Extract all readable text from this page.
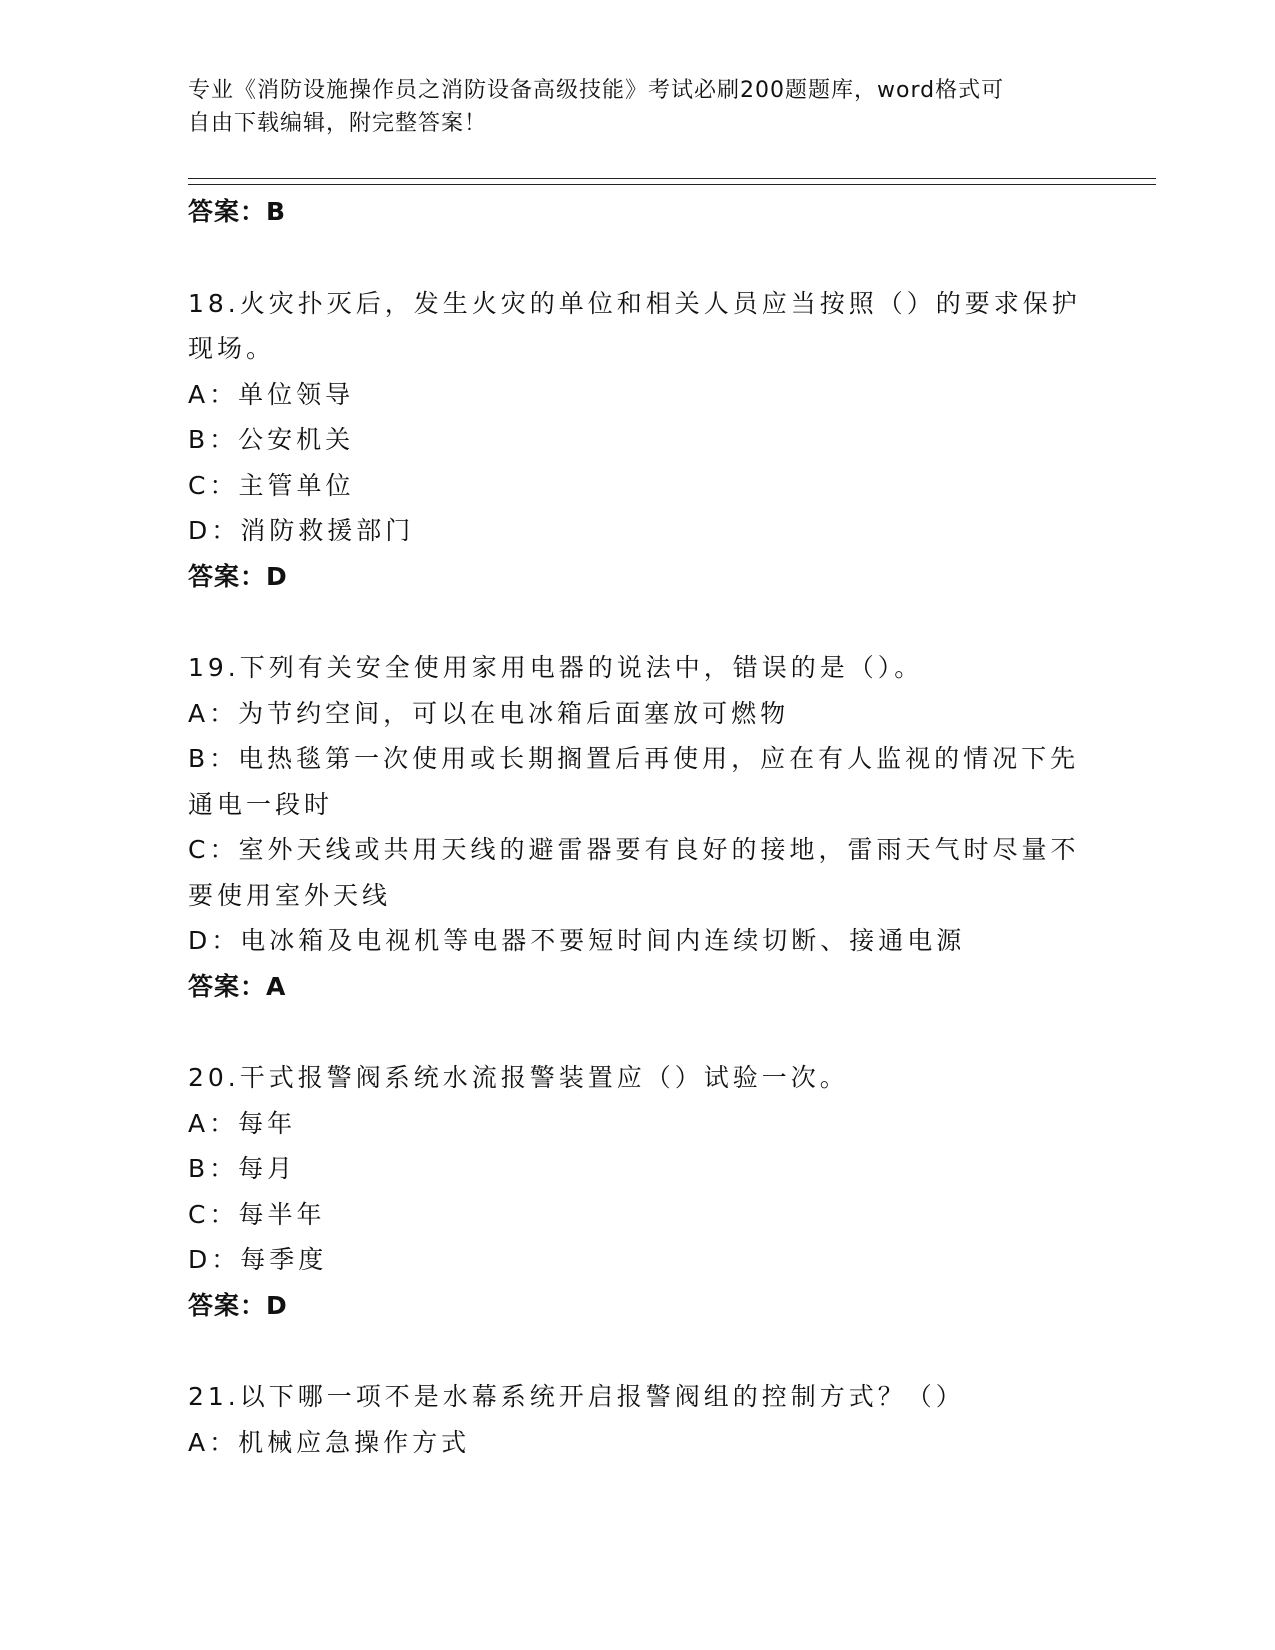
专业《消防设施操作员之消防设备高级技能》考试必刷200题题库，word格式可
自由下载编辑，附完整答案！
答案：B
18.火灾扑灭后，发生火灾的单位和相关人员应当按照（）的要求保护
现场。
A：单位领导
B：公安机关
C：主管单位
D：消防救援部门
答案：D
19.下列有关安全使用家用电器的说法中，错误的是（）。
A：为节约空间，可以在电冰箱后面塞放可燃物
B：电热毯第一次使用或长期搁置后再使用，应在有人监视的情况下先
通电一段时
C：室外天线或共用天线的避雷器要有良好的接地，雷雨天气时尽量不
要使用室外天线
D：电冰箱及电视机等电器不要短时间内连续切断、接通电源
答案：A
20.干式报警阀系统水流报警装置应（）试验一次。
A：每年
B：每月
C：每半年
D：每季度
答案：D
21.以下哪一项不是水幕系统开启报警阀组的控制方式？（）
A：机械应急操作方式
